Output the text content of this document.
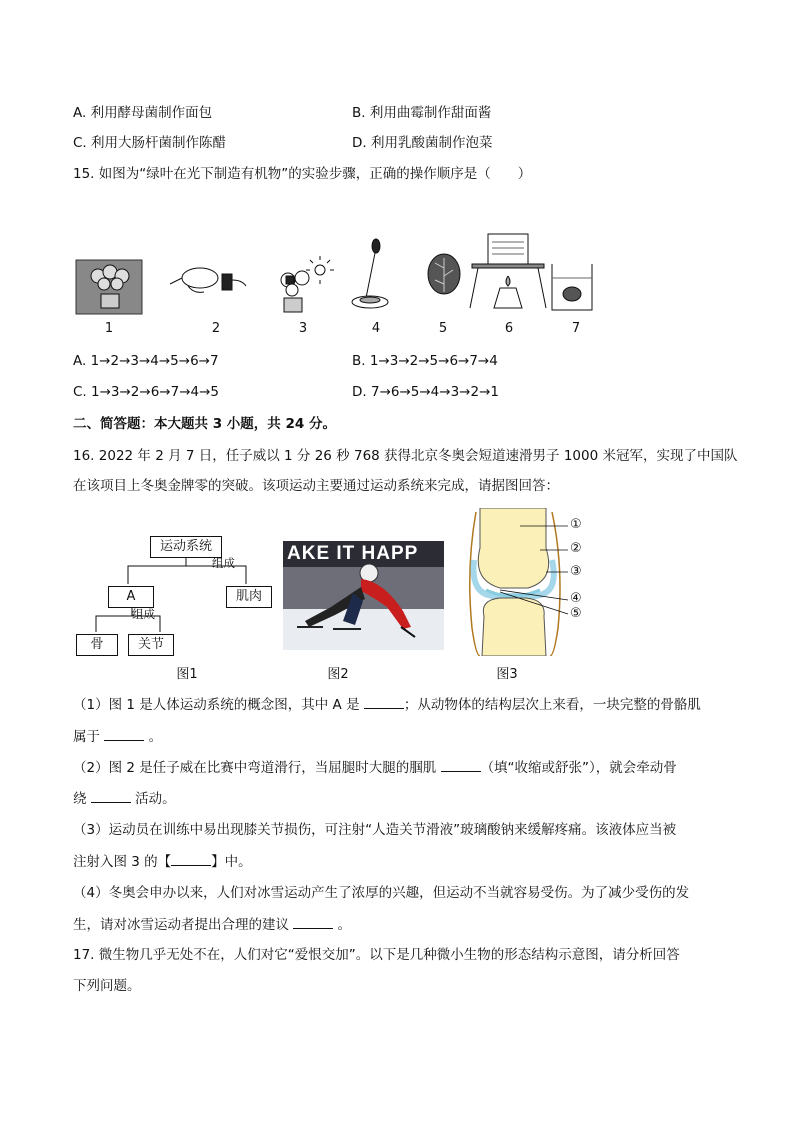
A. 利用酵母菌制作面包	B. 利用曲霉制作甜面酱
C. 利用大肠杆菌制作陈醋	D. 利用乳酸菌制作泡菜
15. 如图为“绿叶在光下制造有机物”的实验步骤，正确的操作顺序是（　　）
1	2	3	4	5	6	7
A. 1→2→3→4→5→6→7	B. 1→3→2→5→6→7→4
C. 1→3→2→6→7→4→5	D. 7→6→5→4→3→2→1
二、简答题：本大题共 3 小题，共 24 分。
16. 2022 年 2 月 7 日，任子威以 1 分 26 秒 768 获得北京冬奥会短道速滑男子 1000 米冠军，实现了中国队
在该项目上冬奥金牌零的突破。该项运动主要通过运动系统来完成，请据图回答：
运动系统
组成
A	肌肉
组成
骨	关节
图1
AKE IT HAPP
图2
①
②
③
④
⑤
图3
（1）图 1 是人体运动系统的概念图，其中 A 是	；从动物体的结构层次上来看，一块完整的骨骼肌
属于	。
（2）图 2 是任子威在比赛中弯道滑行，当屈腿时大腿的腘肌	（填“收缩或舒张”），就会牵动骨
绕	活动。
（3）运动员在训练中易出现膝关节损伤，可注射“人造关节滑液”玻璃酸钠来缓解疼痛。该液体应当被
注射入图 3 的【	】中。
（4）冬奥会申办以来，人们对冰雪运动产生了浓厚的兴趣，但运动不当就容易受伤。为了减少受伤的发
生，请对冰雪运动者提出合理的建议	。
17. 微生物几乎无处不在，人们对它“爱恨交加”。以下是几种微小生物的形态结构示意图，请分析回答
下列问题。
